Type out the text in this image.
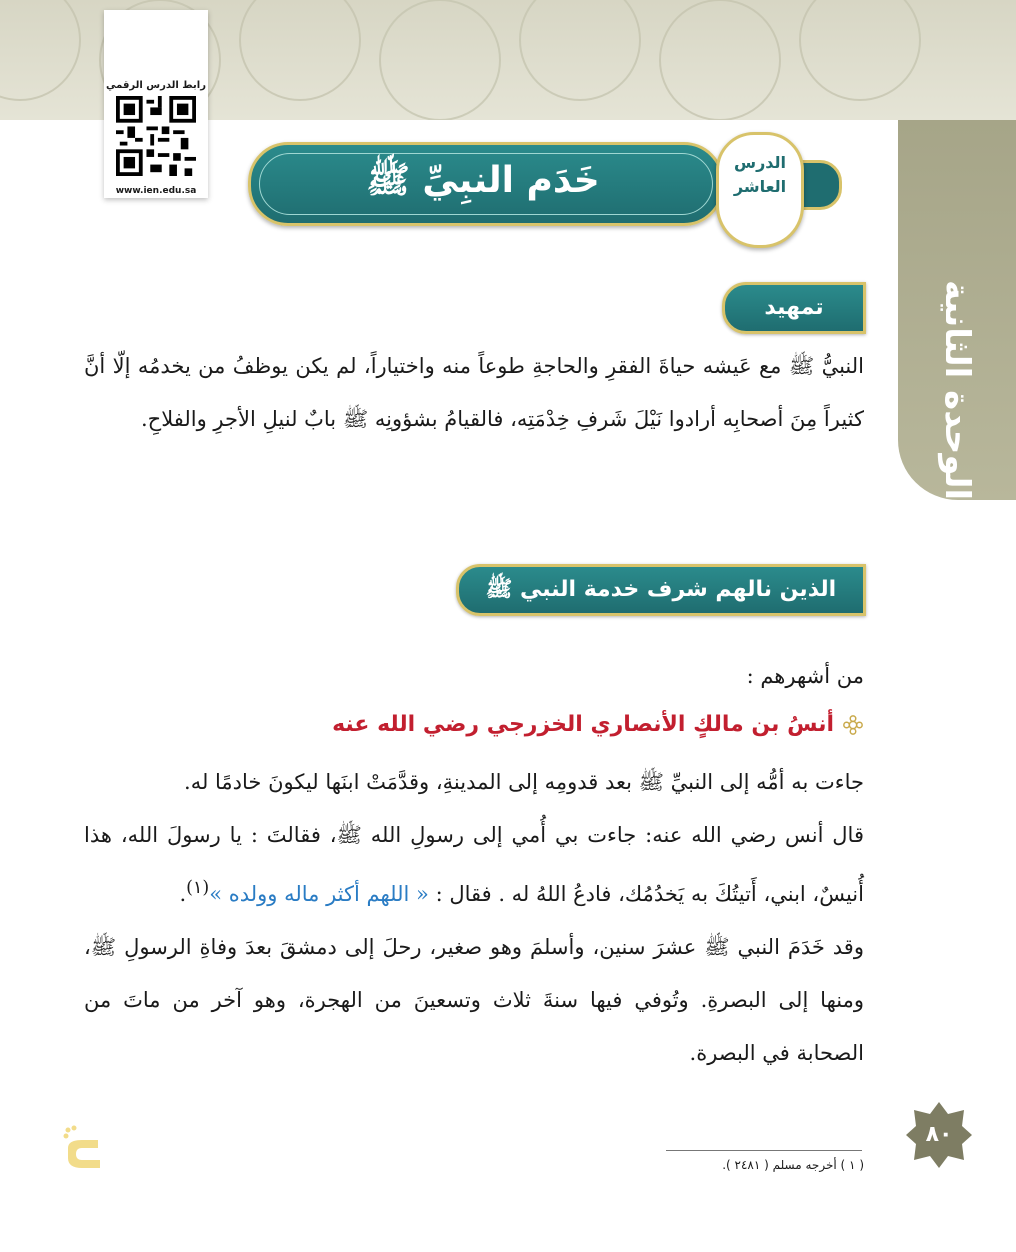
الوحدة الثانية
رابط الدرس الرقمي
www.ien.edu.sa	خَدَم النبِيِّ ﷺ	الدرس
العاشر
تمهيد

النبيُّ ﷺ مع عَيشه حياةَ الفقرِ والحاجةِ طوعاً منه واختياراً، لم يكن يوظفُ من يخدمُه إلّا أنَّ كثيراً مِنَ أصحابِه أرادوا نَيْلَ شَرفِ خِدْمَتِه، فالقيامُ بشؤونِه ﷺ بابٌ لنيلِ الأجرِ والفلاحِ.

الذين نالهم شرف خدمة النبي ﷺ

من أشهرهم :

أنسُ بن مالكٍ الأنصاري الخزرجي رضي الله عنه

جاءت به أمُّه إلى النبيِّ ﷺ بعد قدومِه إلى المدينةِ، وقدَّمَتْ ابنَها ليكونَ خادمًا له.

قال أنس رضي الله عنه: جاءت بي أُمي إلى رسولِ الله ﷺ، فقالتَ : يا رسولَ الله، هذا أُنيسٌ، ابني، أَتيتُكَ به يَخدُمُك، فادعُ اللهُ له . فقال : « اللهم أكثر ماله وولده »$^{(١)}$.

وقد خَدَمَ النبي ﷺ عشرَ سنين، وأسلمَ وهو صغير، رحلَ إلى دمشقَ بعدَ وفاةِ الرسولِ ﷺ، ومنها إلى البصرةِ. وتُوفي فيها سنةَ ثلاث وتسعينَ من الهجرة، وهو آخر من ماتَ من الصحابة في البصرة.

( ١ ) أخرجه مسلم ( ٢٤٨١ ).
٨٠
